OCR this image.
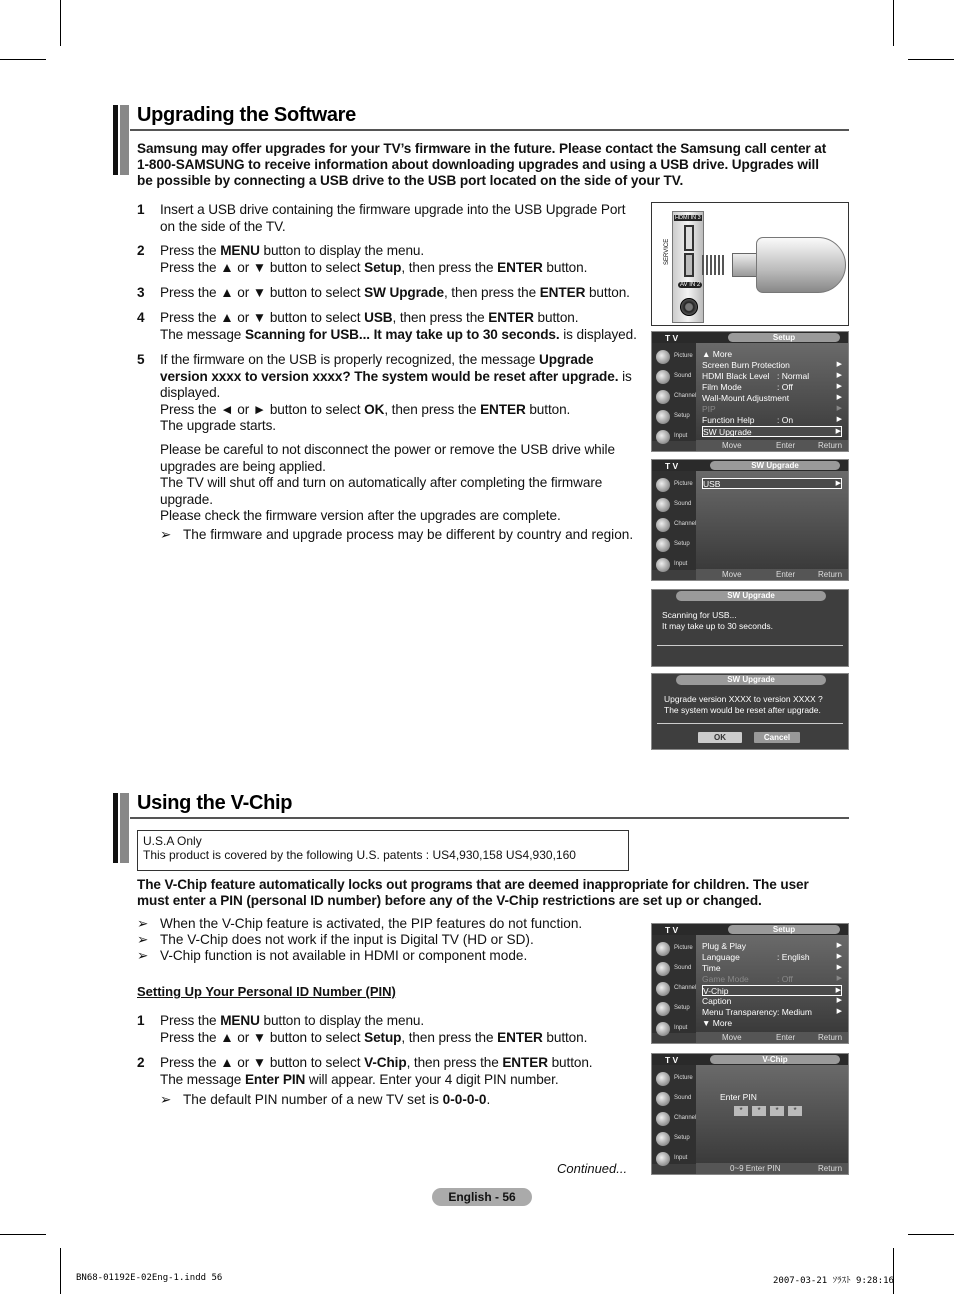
Upgrading the Software
Samsung may offer upgrades for your TV’s firmware in the future. Please contact the Samsung call center at 1-800-SAMSUNG to receive information about downloading upgrades and using a USB drive. Upgrades will be possible by connecting a USB drive to the USB port located on the side of your TV.
1 Insert a USB drive containing the firmware upgrade into the USB Upgrade Port
on the side of the TV.
2 Press the MENU button to display the menu.
Press the ▲ or ▼ button to select Setup, then press the ENTER button.
3 Press the ▲ or ▼ button to select SW Upgrade, then press the ENTER button.
4 Press the ▲ or ▼ button to select USB, then press the ENTER button.
The message Scanning for USB... It may take up to 30 seconds. is displayed.
5 If the firmware on the USB is properly recognized, the message Upgrade
version xxxx to version xxxx? The system would be reset after upgrade. is
displayed.
Press the ◄ or ► button to select OK, then press the ENTER button.
The upgrade starts.
Please be careful to not disconnect the power or remove the USB drive while
upgrades are being applied.
The TV will shut off and turn on automatically after completing the firmware
upgrade.
Please check the firmware version after the upgrades are complete.
➢ The firmware and upgrade process may be different by country and region.
HDMI IN 3
SERVICE
AV IN 2
T V	Setup
Picture
Sound
Channel
Setup
Input
▲ More
Screen Burn Protection	▶
HDMI Black Level : Normal	▶
Film Mode	: Off	▶
Wall-Mount Adjustment	▶
PIP	▶
Function Help	: On	▶
SW Upgrade	▶
Move	Enter	Return
T V	SW Upgrade
Picture
Sound
Channel
Setup
Input
USB	▶
Move	Enter	Return
SW Upgrade
Scanning for USB...
It may take up to 30 seconds.
SW Upgrade
Upgrade version XXXX to version XXXX ?
The system would be reset after upgrade.
OK	Cancel
Using the V-Chip
U.S.A Only
This product is covered by the following U.S. patents : US4,930,158 US4,930,160
The V-Chip feature automatically locks out programs that are deemed inappropriate for children. The user must enter a PIN (personal ID number) before any of the V-Chip restrictions are set up or changed.
➢ When the V-Chip feature is activated, the PIP features do not function.
➢ The V-Chip does not work if the input is Digital TV (HD or SD).
➢ V-Chip function is not available in HDMI or component mode.
Setting Up Your Personal ID Number (PIN)
1 Press the MENU button to display the menu.
Press the ▲ or ▼ button to select Setup, then press the ENTER button.
2 Press the ▲ or ▼ button to select V-Chip, then press the ENTER button.
The message Enter PIN will appear. Enter your 4 digit PIN number.
➢ The default PIN number of a new TV set is 0-0-0-0.
Continued...
T V	Setup
Picture
Sound
Channel
Setup
Input
Plug & Play	▶
Language	: English	▶
Time	▶
Game Mode	: Off	▶
V-Chip	▶
Caption	▶
Menu Transparency : Medium	▶
▼ More
Move	Enter	Return
T V	V-Chip
Picture
Sound
Channel
Setup
Input
Enter PIN
*	*	*	*
0~9 Enter PIN	Return
English - 56
BN68-01192E-02Eng-1.indd 56	2007-03-21 ｿﾗｽﾄ 9:28:16
